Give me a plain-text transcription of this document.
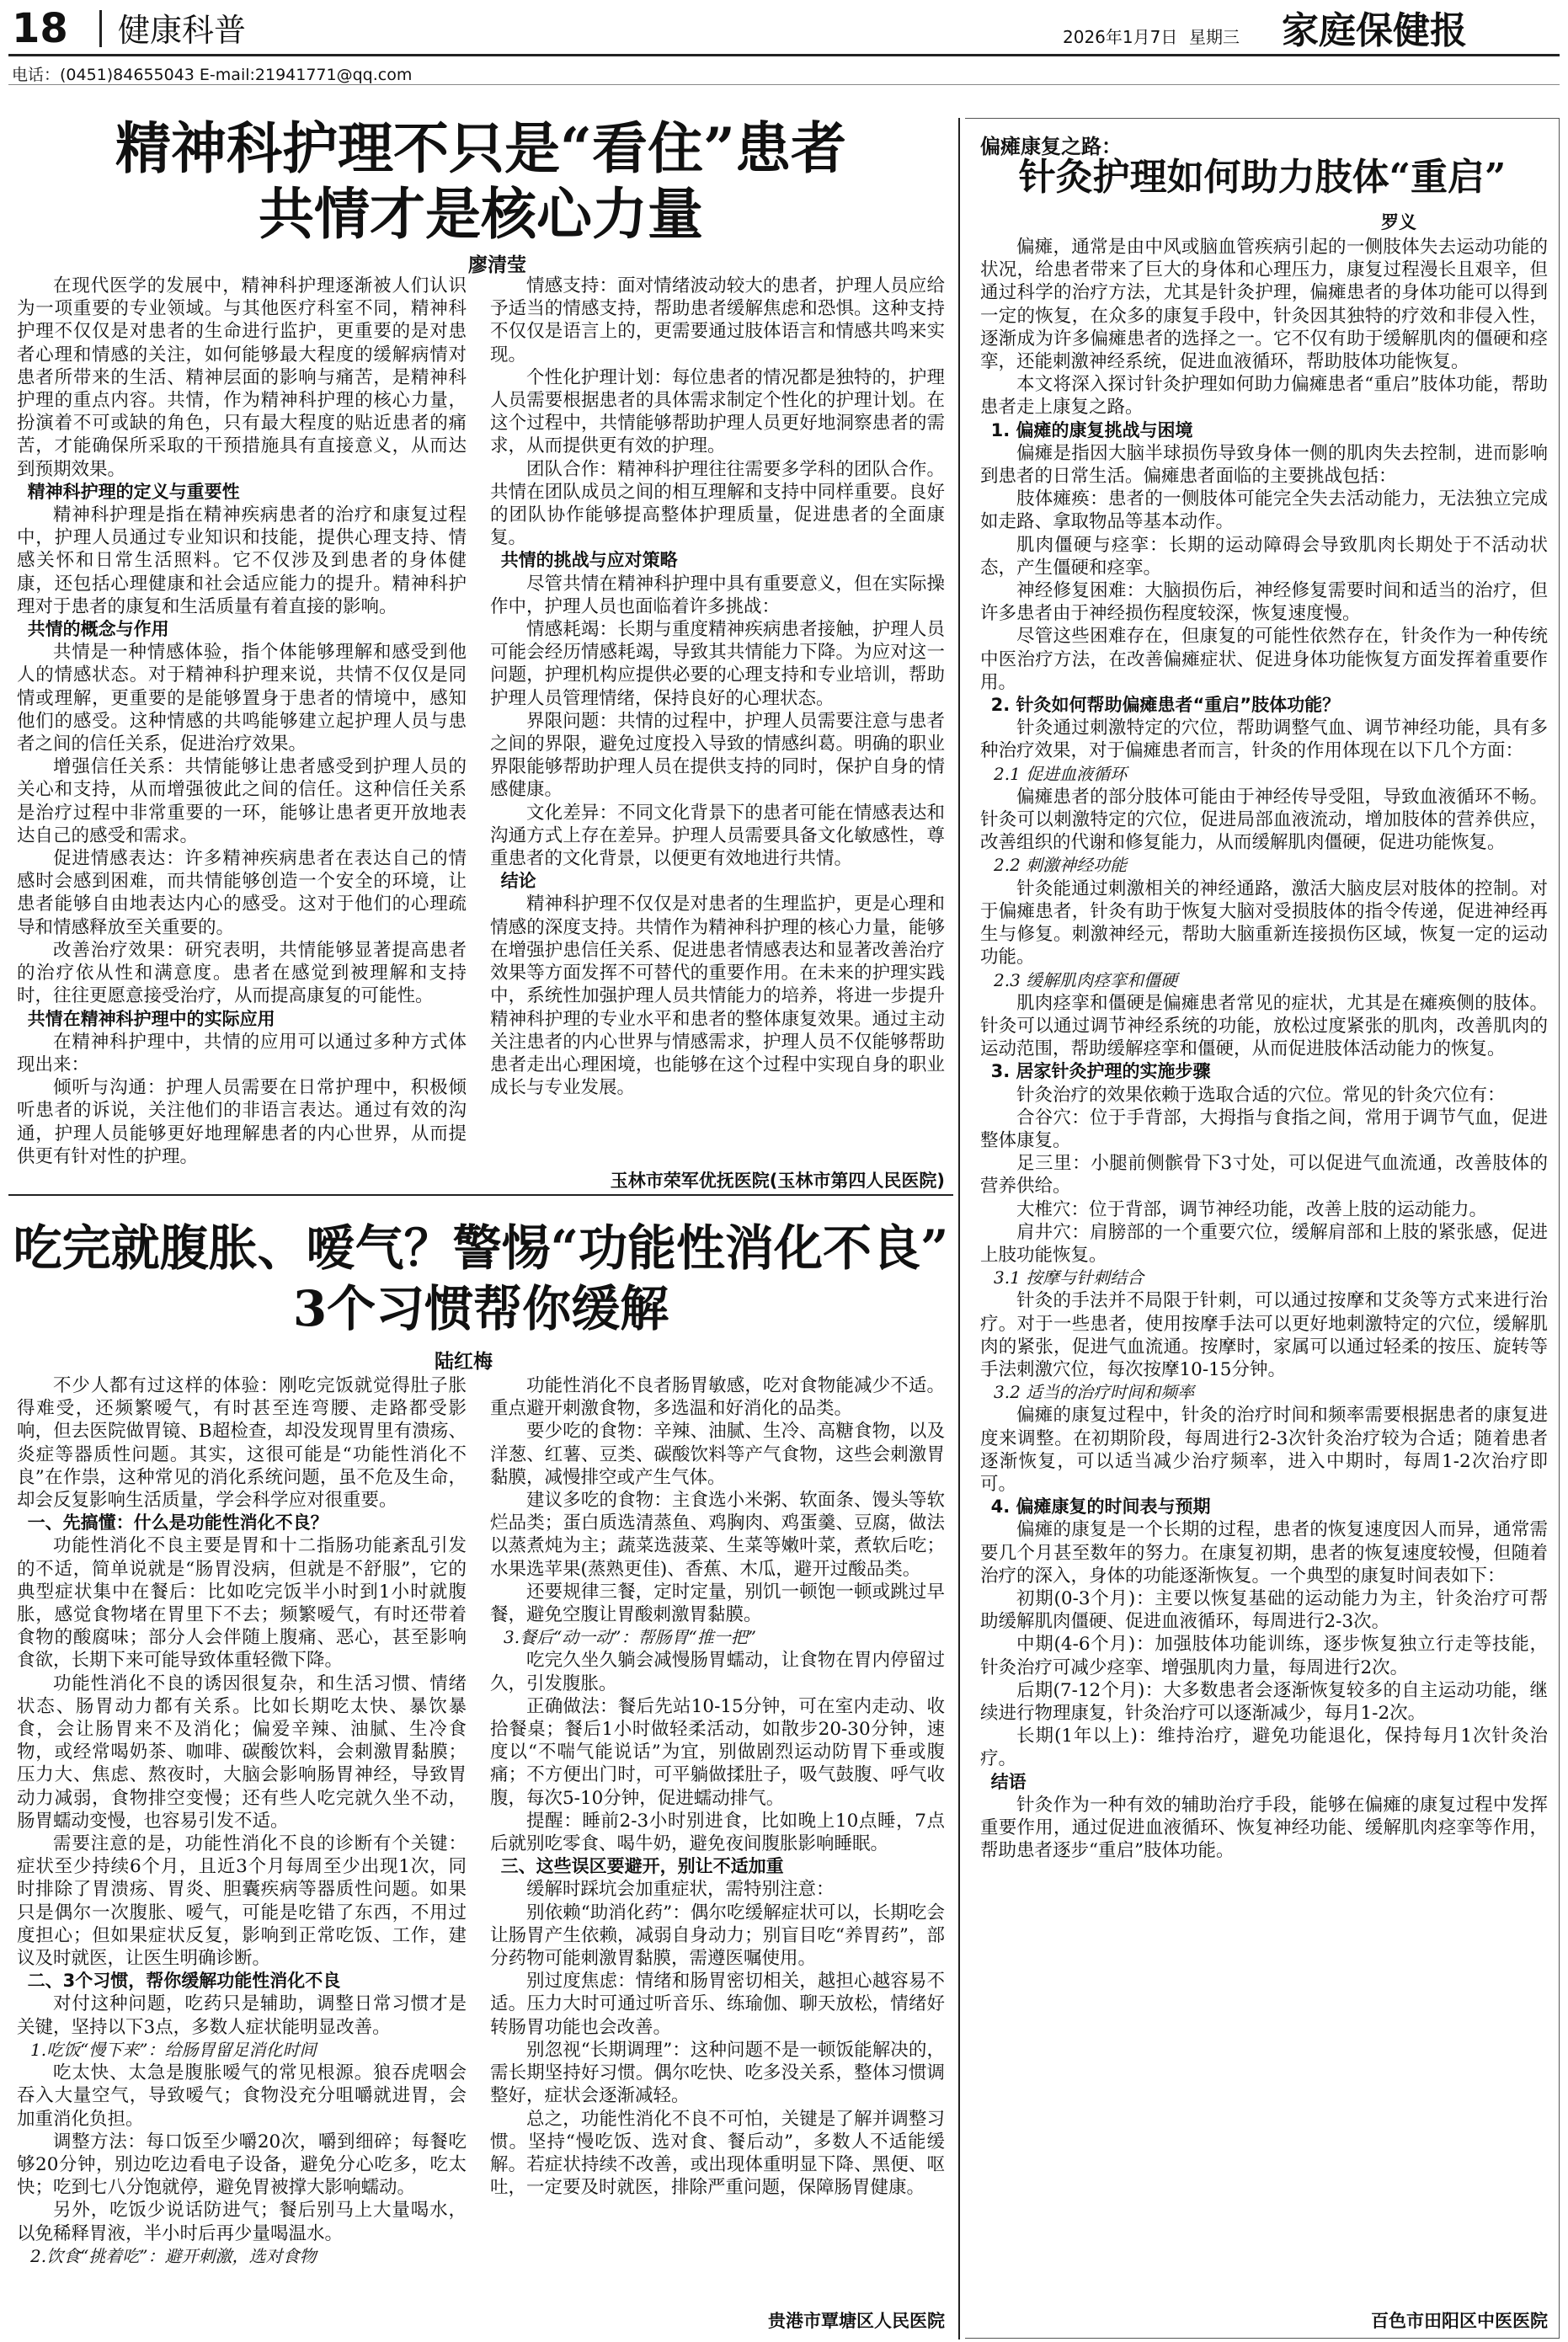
18 健康科普	2026年1月7日 星期三 家庭保健报
电话：(0451)84655043 E-mail:21941771@qq.com
精神科护理不只是“看住”患者
共情才是核心力量
廖清莹

在现代医学的发展中，精神科护理逐渐被人们认识为一项重要的专业领域。与其他医疗科室不同，精神科护理不仅仅是对患者的生命进行监护，更重要的是对患者心理和情感的关注，如何能够最大程度的缓解病情对患者所带来的生活、精神层面的影响与痛苦，是精神科护理的重点内容。共情，作为精神科护理的核心力量，扮演着不可或缺的角色，只有最大程度的贴近患者的痛苦，才能确保所采取的干预措施具有直接意义，从而达到预期效果。

精神科护理的定义与重要性

精神科护理是指在精神疾病患者的治疗和康复过程中，护理人员通过专业知识和技能，提供心理支持、情感关怀和日常生活照料。它不仅涉及到患者的身体健康，还包括心理健康和社会适应能力的提升。精神科护理对于患者的康复和生活质量有着直接的影响。

共情的概念与作用

共情是一种情感体验，指个体能够理解和感受到他人的情感状态。对于精神科护理来说，共情不仅仅是同情或理解，更重要的是能够置身于患者的情境中，感知他们的感受。这种情感的共鸣能够建立起护理人员与患者之间的信任关系，促进治疗效果。

增强信任关系：共情能够让患者感受到护理人员的关心和支持，从而增强彼此之间的信任。这种信任关系是治疗过程中非常重要的一环，能够让患者更开放地表达自己的感受和需求。

促进情感表达：许多精神疾病患者在表达自己的情感时会感到困难，而共情能够创造一个安全的环境，让患者能够自由地表达内心的感受。这对于他们的心理疏导和情感释放至关重要的。

改善治疗效果：研究表明，共情能够显著提高患者的治疗依从性和满意度。患者在感觉到被理解和支持时，往往更愿意接受治疗，从而提高康复的可能性。

共情在精神科护理中的实际应用

在精神科护理中，共情的应用可以通过多种方式体现出来：

倾听与沟通：护理人员需要在日常护理中，积极倾听患者的诉说，关注他们的非语言表达。通过有效的沟通，护理人员能够更好地理解患者的内心世界，从而提供更有针对性的护理。

情感支持：面对情绪波动较大的患者，护理人员应给予适当的情感支持，帮助患者缓解焦虑和恐惧。这种支持不仅仅是语言上的，更需要通过肢体语言和情感共鸣来实现。

个性化护理计划：每位患者的情况都是独特的，护理人员需要根据患者的具体需求制定个性化的护理计划。在这个过程中，共情能够帮助护理人员更好地洞察患者的需求，从而提供更有效的护理。

团队合作：精神科护理往往需要多学科的团队合作。共情在团队成员之间的相互理解和支持中同样重要。良好的团队协作能够提高整体护理质量，促进患者的全面康复。

共情的挑战与应对策略

尽管共情在精神科护理中具有重要意义，但在实际操作中，护理人员也面临着许多挑战：

情感耗竭：长期与重度精神疾病患者接触，护理人员可能会经历情感耗竭，导致其共情能力下降。为应对这一问题，护理机构应提供必要的心理支持和专业培训，帮助护理人员管理情绪，保持良好的心理状态。

界限问题：共情的过程中，护理人员需要注意与患者之间的界限，避免过度投入导致的情感纠葛。明确的职业界限能够帮助护理人员在提供支持的同时，保护自身的情感健康。

文化差异：不同文化背景下的患者可能在情感表达和沟通方式上存在差异。护理人员需要具备文化敏感性，尊重患者的文化背景，以便更有效地进行共情。

结论

精神科护理不仅仅是对患者的生理监护，更是心理和情感的深度支持。共情作为精神科护理的核心力量，能够在增强护患信任关系、促进患者情感表达和显著改善治疗效果等方面发挥不可替代的重要作用。在未来的护理实践中，系统性加强护理人员共情能力的培养，将进一步提升精神科护理的专业水平和患者的整体康复效果。通过主动关注患者的内心世界与情感需求，护理人员不仅能够帮助患者走出心理困境，也能够在这个过程中实现自身的职业成长与专业发展。

玉林市荣军优抚医院(玉林市第四人民医院)
吃完就腹胀、嗳气？警惕“功能性消化不良”
3个习惯帮你缓解
陆红梅

不少人都有过这样的体验：刚吃完饭就觉得肚子胀得难受，还频繁嗳气，有时甚至连弯腰、走路都受影响，但去医院做胃镜、B超检查，却没发现胃里有溃疡、炎症等器质性问题。其实，这很可能是“功能性消化不良”在作祟，这种常见的消化系统问题，虽不危及生命，却会反复影响生活质量，学会科学应对很重要。

一、先搞懂：什么是功能性消化不良？

功能性消化不良主要是胃和十二指肠功能紊乱引发的不适，简单说就是“肠胃没病，但就是不舒服”，它的典型症状集中在餐后：比如吃完饭半小时到1小时就腹胀，感觉食物堵在胃里下不去；频繁嗳气，有时还带着食物的酸腐味；部分人会伴随上腹痛、恶心，甚至影响食欲，长期下来可能导致体重轻微下降。

功能性消化不良的诱因很复杂，和生活习惯、情绪状态、肠胃动力都有关系。比如长期吃太快、暴饮暴食，会让肠胃来不及消化；偏爱辛辣、油腻、生冷食物，或经常喝奶茶、咖啡、碳酸饮料，会刺激胃黏膜；压力大、焦虑、熬夜时，大脑会影响肠胃神经，导致胃动力减弱，食物排空变慢；还有些人吃完就久坐不动，肠胃蠕动变慢，也容易引发不适。

需要注意的是，功能性消化不良的诊断有个关键：症状至少持续6个月，且近3个月每周至少出现1次，同时排除了胃溃疡、胃炎、胆囊疾病等器质性问题。如果只是偶尔一次腹胀、嗳气，可能是吃错了东西，不用过度担心；但如果症状反复，影响到正常吃饭、工作，建议及时就医，让医生明确诊断。

二、3个习惯，帮你缓解功能性消化不良

对付这种问题，吃药只是辅助，调整日常习惯才是关键，坚持以下3点，多数人症状能明显改善。

1.吃饭“慢下来”：给肠胃留足消化时间

吃太快、太急是腹胀嗳气的常见根源。狼吞虎咽会吞入大量空气，导致嗳气；食物没充分咀嚼就进胃，会加重消化负担。

调整方法：每口饭至少嚼20次，嚼到细碎；每餐吃够20分钟，别边吃边看电子设备，避免分心吃多，吃太快；吃到七八分饱就停，避免胃被撑大影响蠕动。

另外，吃饭少说话防进气；餐后别马上大量喝水，以免稀释胃液，半小时后再少量喝温水。

2.饮食“挑着吃”：避开刺激，选对食物

功能性消化不良者肠胃敏感，吃对食物能减少不适。重点避开刺激食物，多选温和好消化的品类。

要少吃的食物：辛辣、油腻、生冷、高糖食物，以及洋葱、红薯、豆类、碳酸饮料等产气食物，这些会刺激胃黏膜，减慢排空或产生气体。

建议多吃的食物：主食选小米粥、软面条、馒头等软烂品类；蛋白质选清蒸鱼、鸡胸肉、鸡蛋羹、豆腐，做法以蒸煮炖为主；蔬菜选菠菜、生菜等嫩叶菜，煮软后吃；水果选苹果(蒸熟更佳)、香蕉、木瓜，避开过酸品类。

还要规律三餐，定时定量，别饥一顿饱一顿或跳过早餐，避免空腹让胃酸刺激胃黏膜。

3.餐后“动一动”：帮肠胃“推一把”

吃完久坐久躺会减慢肠胃蠕动，让食物在胃内停留过久，引发腹胀。

正确做法：餐后先站10-15分钟，可在室内走动、收拾餐桌；餐后1小时做轻柔活动，如散步20-30分钟，速度以“不喘气能说话”为宜，别做剧烈运动防胃下垂或腹痛；不方便出门时，可平躺做揉肚子，吸气鼓腹、呼气收腹，每次5-10分钟，促进蠕动排气。

提醒：睡前2-3小时别进食，比如晚上10点睡，7点后就别吃零食、喝牛奶，避免夜间腹胀影响睡眠。

三、这些误区要避开，别让不适加重

缓解时踩坑会加重症状，需特别注意：

别依赖“助消化药”：偶尔吃缓解症状可以，长期吃会让肠胃产生依赖，减弱自身动力；别盲目吃“养胃药”，部分药物可能刺激胃黏膜，需遵医嘱使用。

别过度焦虑：情绪和肠胃密切相关，越担心越容易不适。压力大时可通过听音乐、练瑜伽、聊天放松，情绪好转肠胃功能也会改善。

别忽视“长期调理”：这种问题不是一顿饭能解决的，需长期坚持好习惯。偶尔吃快、吃多没关系，整体习惯调整好，症状会逐渐减轻。

总之，功能性消化不良不可怕，关键是了解并调整习惯。坚持“慢吃饭、选对食、餐后动”，多数人不适能缓解。若症状持续不改善，或出现体重明显下降、黑便、呕吐，一定要及时就医，排除严重问题，保障肠胃健康。

贵港市覃塘区人民医院
偏瘫康复之路：
针灸护理如何助力肢体“重启”
罗义

偏瘫，通常是由中风或脑血管疾病引起的一侧肢体失去运动功能的状况，给患者带来了巨大的身体和心理压力，康复过程漫长且艰辛，但通过科学的治疗方法，尤其是针灸护理，偏瘫患者的身体功能可以得到一定的恢复，在众多的康复手段中，针灸因其独特的疗效和非侵入性，逐渐成为许多偏瘫患者的选择之一。它不仅有助于缓解肌肉的僵硬和痉挛，还能刺激神经系统，促进血液循环，帮助肢体功能恢复。

本文将深入探讨针灸护理如何助力偏瘫患者“重启”肢体功能，帮助患者走上康复之路。

1. 偏瘫的康复挑战与困境

偏瘫是指因大脑半球损伤导致身体一侧的肌肉失去控制，进而影响到患者的日常生活。偏瘫患者面临的主要挑战包括：

肢体瘫痪：患者的一侧肢体可能完全失去活动能力，无法独立完成如走路、拿取物品等基本动作。

肌肉僵硬与痉挛：长期的运动障碍会导致肌肉长期处于不活动状态，产生僵硬和痉挛。

神经修复困难：大脑损伤后，神经修复需要时间和适当的治疗，但许多患者由于神经损伤程度较深，恢复速度慢。

尽管这些困难存在，但康复的可能性依然存在，针灸作为一种传统中医治疗方法，在改善偏瘫症状、促进身体功能恢复方面发挥着重要作用。

2. 针灸如何帮助偏瘫患者“重启”肢体功能？

针灸通过刺激特定的穴位，帮助调整气血、调节神经功能，具有多种治疗效果，对于偏瘫患者而言，针灸的作用体现在以下几个方面：

2.1 促进血液循环

偏瘫患者的部分肢体可能由于神经传导受阻，导致血液循环不畅。针灸可以刺激特定的穴位，促进局部血液流动，增加肢体的营养供应，改善组织的代谢和修复能力，从而缓解肌肉僵硬，促进功能恢复。

2.2 刺激神经功能

针灸能通过刺激相关的神经通路，激活大脑皮层对肢体的控制。对于偏瘫患者，针灸有助于恢复大脑对受损肢体的指令传递，促进神经再生与修复。刺激神经元，帮助大脑重新连接损伤区域，恢复一定的运动功能。

2.3 缓解肌肉痉挛和僵硬

肌肉痉挛和僵硬是偏瘫患者常见的症状，尤其是在瘫痪侧的肢体。针灸可以通过调节神经系统的功能，放松过度紧张的肌肉，改善肌肉的运动范围，帮助缓解痉挛和僵硬，从而促进肢体活动能力的恢复。

3. 居家针灸护理的实施步骤

针灸治疗的效果依赖于选取合适的穴位。常见的针灸穴位有：

合谷穴：位于手背部，大拇指与食指之间，常用于调节气血，促进整体康复。

足三里：小腿前侧髌骨下3寸处，可以促进气血流通，改善肢体的营养供给。

大椎穴：位于背部，调节神经功能，改善上肢的运动能力。

肩井穴：肩膀部的一个重要穴位，缓解肩部和上肢的紧张感，促进上肢功能恢复。

3.1 按摩与针刺结合

针灸的手法并不局限于针刺，可以通过按摩和艾灸等方式来进行治疗。对于一些患者，使用按摩手法可以更好地刺激特定的穴位，缓解肌肉的紧张，促进气血流通。按摩时，家属可以通过轻柔的按压、旋转等手法刺激穴位，每次按摩10-15分钟。

3.2 适当的治疗时间和频率

偏瘫的康复过程中，针灸的治疗时间和频率需要根据患者的康复进度来调整。在初期阶段，每周进行2-3次针灸治疗较为合适；随着患者逐渐恢复，可以适当减少治疗频率，进入中期时，每周1-2次治疗即可。

4. 偏瘫康复的时间表与预期

偏瘫的康复是一个长期的过程，患者的恢复速度因人而异，通常需要几个月甚至数年的努力。在康复初期，患者的恢复速度较慢，但随着治疗的深入，身体的功能逐渐恢复。一个典型的康复时间表如下：

初期(0-3个月)：主要以恢复基础的运动能力为主，针灸治疗可帮助缓解肌肉僵硬、促进血液循环，每周进行2-3次。

中期(4-6个月)：加强肢体功能训练，逐步恢复独立行走等技能，针灸治疗可减少痉挛、增强肌肉力量，每周进行2次。

后期(7-12个月)：大多数患者会逐渐恢复较多的自主运动功能，继续进行物理康复，针灸治疗可以逐渐减少，每月1-2次。

长期(1年以上)：维持治疗，避免功能退化，保持每月1次针灸治疗。

结语

针灸作为一种有效的辅助治疗手段，能够在偏瘫的康复过程中发挥重要作用，通过促进血液循环、恢复神经功能、缓解肌肉痉挛等作用，帮助患者逐步“重启”肢体功能。

百色市田阳区中医医院
